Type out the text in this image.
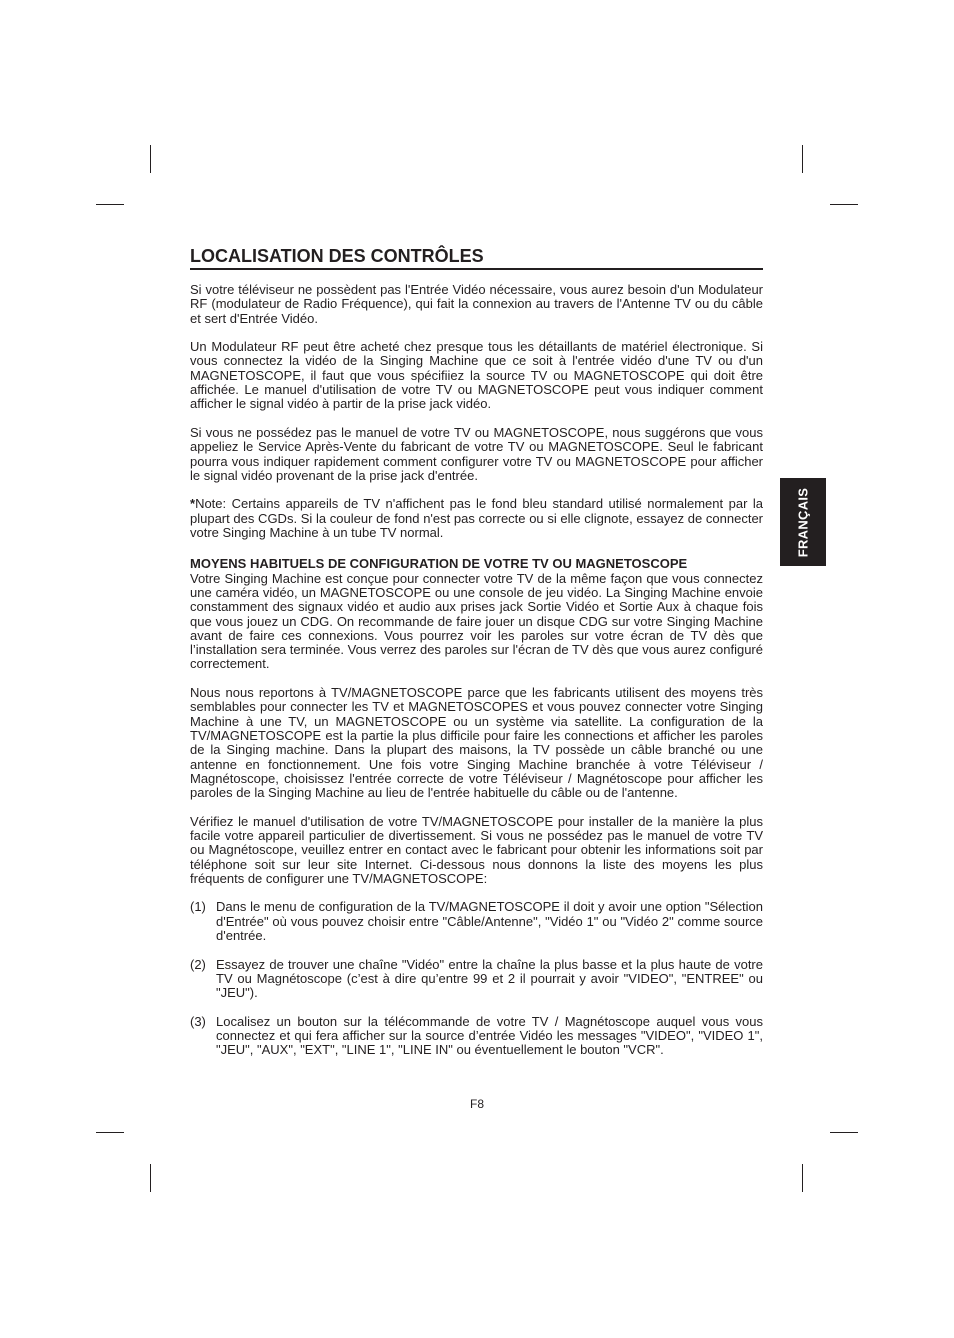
LOCALISATION DES CONTRÔLES

Si votre téléviseur ne possèdent pas l'Entrée Vidéo nécessaire, vous aurez besoin d'un Modulateur RF (modulateur de Radio Fréquence), qui fait la connexion au travers de l'Antenne TV ou du câble et sert d'Entrée Vidéo.

Un Modulateur RF peut être acheté chez presque tous les détaillants de matériel électronique. Si vous connectez la vidéo de la Singing Machine que ce soit à l'entrée vidéo d'une TV ou d'un MAGNETOSCOPE, il faut que vous spécifiiez la source TV ou MAGNETOSCOPE qui doit être affichée. Le manuel d'utilisation de votre TV ou MAGNETOSCOPE peut vous indiquer comment afficher le signal vidéo à partir de la prise jack vidéo.

Si vous ne possédez pas le manuel de votre TV ou MAGNETOSCOPE, nous suggérons que vous appeliez le Service Après-Vente du fabricant de votre TV ou MAGNETOSCOPE. Seul le fabricant pourra vous indiquer rapidement comment configurer votre TV ou MAGNETOSCOPE pour afficher le signal vidéo provenant de la prise jack d'entrée.

*Note: Certains appareils de TV n'affichent pas le fond bleu standard utilisé normalement par la plupart des CGDs. Si la couleur de fond n'est pas correcte ou si elle clignote, essayez de connecter votre Singing Machine à un tube TV normal.

MOYENS HABITUELS DE CONFIGURATION DE VOTRE TV OU MAGNETOSCOPE

Votre Singing Machine est conçue pour connecter votre TV de la même façon que vous connectez une caméra vidéo, un MAGNETOSCOPE ou une console de jeu vidéo. La Singing Machine envoie constamment des signaux vidéo et audio aux prises jack Sortie Vidéo et Sortie Aux à chaque fois que vous jouez un CDG. On recommande de faire jouer un disque CDG sur votre Singing Machine avant de faire ces connexions. Vous pourrez voir les paroles sur votre écran de TV dès que l’installation sera terminée. Vous verrez des paroles sur l'écran de TV dès que vous aurez configuré correctement.

Nous nous reportons à TV/MAGNETOSCOPE parce que les fabricants utilisent des moyens très semblables pour connecter les TV et MAGNETOSCOPES et vous pouvez connecter votre Singing Machine à une TV, un MAGNETOSCOPE ou un système via satellite. La configuration de la TV/MAGNETOSCOPE est la partie la plus difficile pour faire les connections et afficher les paroles de la Singing machine. Dans la plupart des maisons, la TV possède un câble branché ou une antenne en fonctionnement. Une fois votre Singing Machine branchée à votre Téléviseur / Magnétoscope, choisissez l'entrée correcte de votre Téléviseur / Magnétoscope pour afficher les paroles de la Singing Machine au lieu de l'entrée habituelle du câble ou de l'antenne.

Vérifiez le manuel d'utilisation de votre TV/MAGNETOSCOPE pour installer de la manière la plus facile votre appareil particulier de divertissement. Si vous ne possédez pas le manuel de votre TV ou Magnétoscope, veuillez entrer en contact avec le fabricant pour obtenir les informations soit par téléphone soit sur leur site Internet. Ci-dessous nous donnons la liste des moyens les plus fréquents de configurer une TV/MAGNETOSCOPE:

(1) Dans le menu de configuration de la TV/MAGNETOSCOPE il doit y avoir une option "Sélection d'Entrée" où vous pouvez choisir entre "Câble/Antenne", "Vidéo 1" ou "Vidéo 2" comme source d'entrée.
(2) Essayez de trouver une chaîne "Vidéo" entre la chaîne la plus basse et la plus haute de votre TV ou Magnétoscope (c’est à dire qu’entre 99 et 2 il pourrait y avoir "VIDEO", "ENTREE" ou "JEU").
(3) Localisez un bouton sur la télécommande de votre TV / Magnétoscope auquel vous vous connectez et qui fera afficher sur la source d’entrée Vidéo les messages "VIDEO", "VIDEO 1", "JEU", "AUX", "EXT", "LINE 1", "LINE IN" ou éventuellement le bouton "VCR".
FRANÇAIS
F8
